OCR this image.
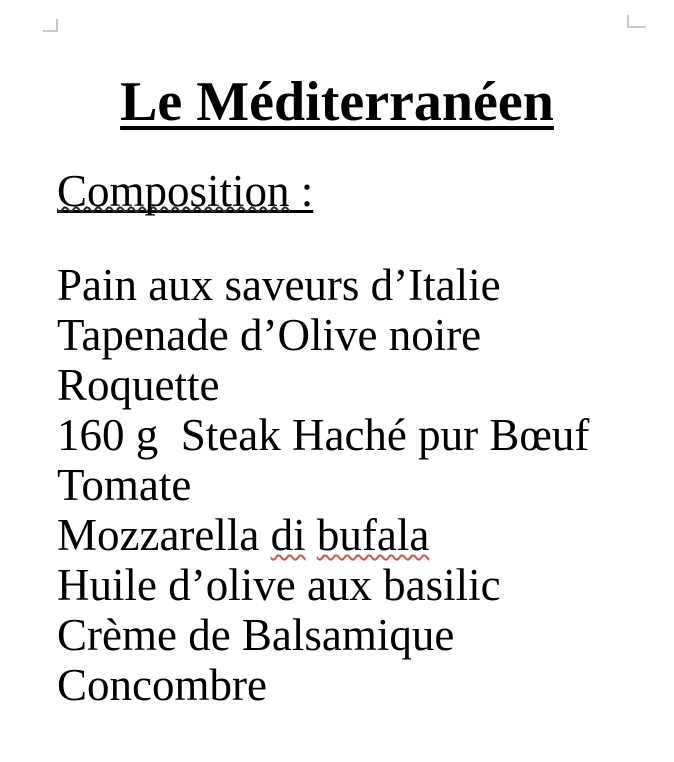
Le Méditerranéen
Composition :
Pain aux saveurs d’Italie
Tapenade d’Olive noire
Roquette
160 g  Steak Haché pur Bœuf
Tomate
Mozzarella di bufala
Huile d’olive aux basilic
Crème de Balsamique
Concombre
